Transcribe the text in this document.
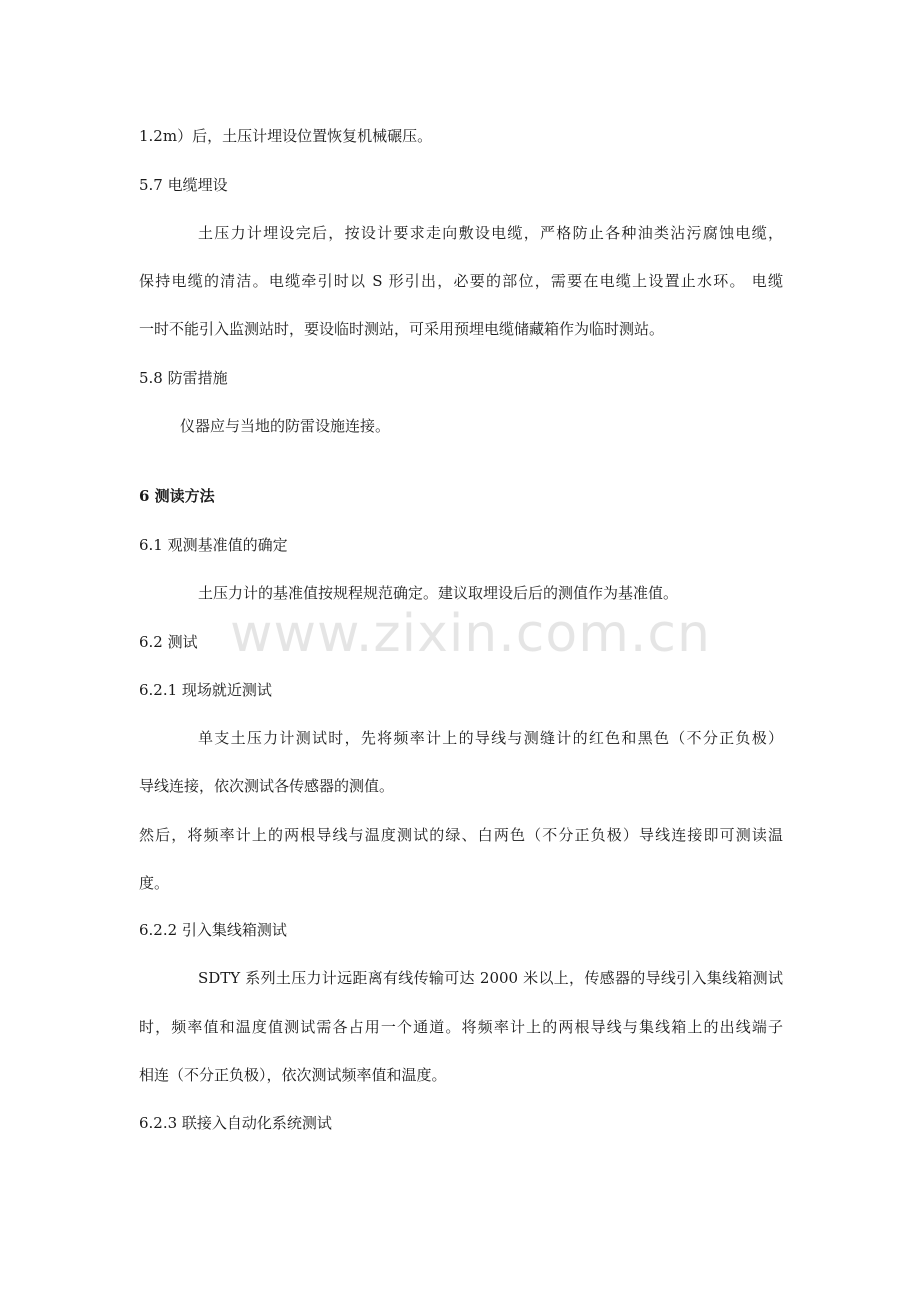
1.2m）后，土压计埋设位置恢复机械碾压。
5.7 电缆埋设
土压力计埋设完后，按设计要求走向敷设电缆，严格防止各种油类沾污腐蚀电缆，
保持电缆的清洁。电缆牵引时以 S 形引出，必要的部位，需要在电缆上设置止水环。 电缆
一时不能引入监测站时，要设临时测站，可采用预埋电缆储藏箱作为临时测站。
5.8 防雷措施
仪器应与当地的防雷设施连接。
6 测读方法
6.1 观测基准值的确定
土压力计的基准值按规程规范确定。建议取埋设后后的测值作为基准值。
6.2 测试
6.2.1 现场就近测试
单支土压力计测试时，先将频率计上的导线与测缝计的红色和黑色（不分正负极）
导线连接，依次测试各传感器的测值。
然后，将频率计上的两根导线与温度测试的绿、白两色（不分正负极）导线连接即可测读温
度。
6.2.2 引入集线箱测试
SDTY 系列土压力计远距离有线传输可达 2000 米以上，传感器的导线引入集线箱测试
时，频率值和温度值测试需各占用一个通道。将频率计上的两根导线与集线箱上的出线端子
相连（不分正负极），依次测试频率值和温度。
6.2.3 联接入自动化系统测试
www.zixin.com.cn
